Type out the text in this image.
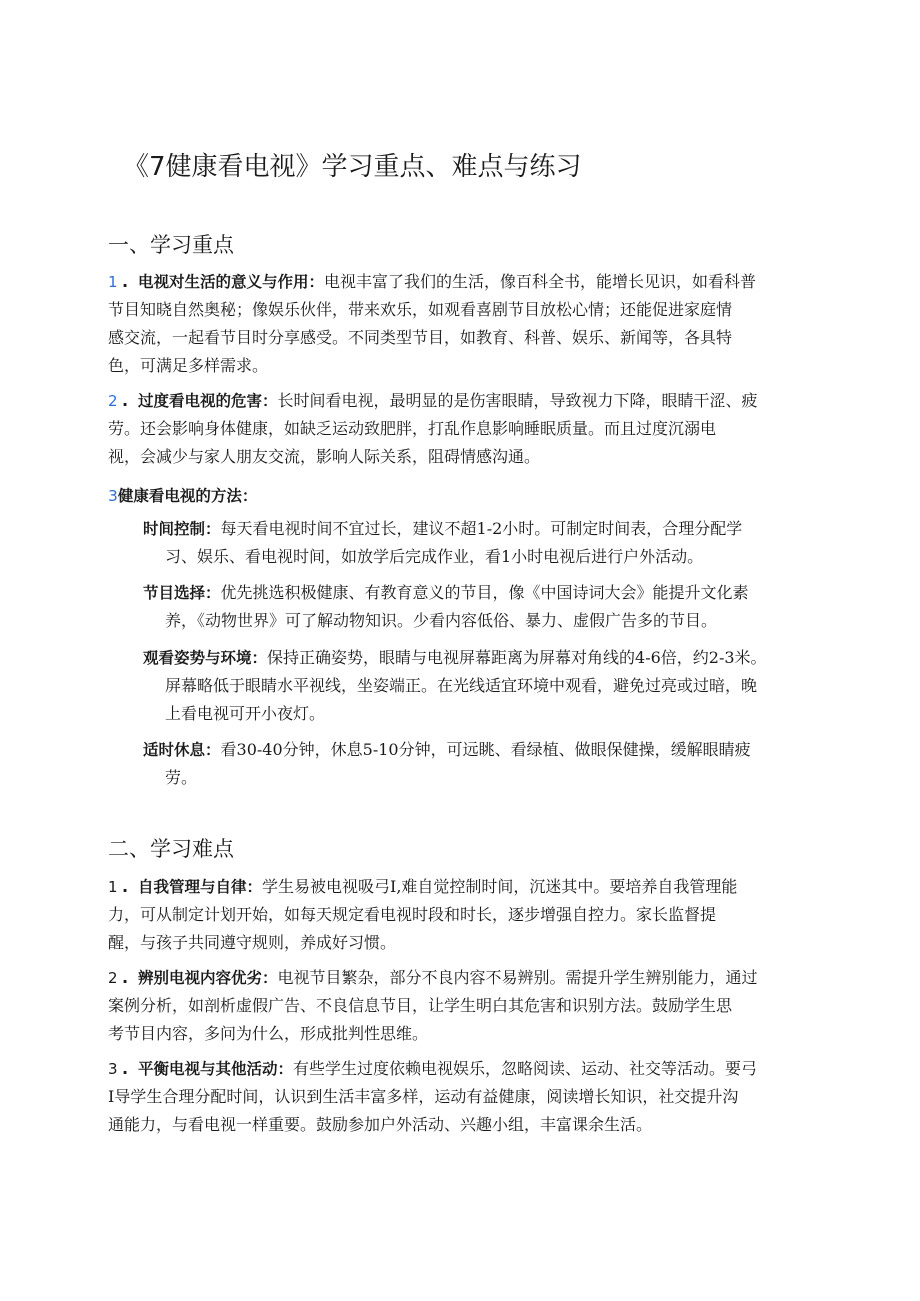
《7健康看电视》学习重点、难点与练习
一、学习重点
1 . 电视对生活的意义与作用：电视丰富了我们的生活，像百科全书，能增长见识，如看科普
节目知晓自然奥秘；像娱乐伙伴，带来欢乐，如观看喜剧节目放松心情；还能促进家庭情
感交流，一起看节目时分享感受。不同类型节目，如教育、科普、娱乐、新闻等，各具特
色，可满足多样需求。
2 . 过度看电视的危害：长时间看电视，最明显的是伤害眼睛，导致视力下降，眼睛干涩、疲
劳。还会影响身体健康，如缺乏运动致肥胖，打乱作息影响睡眠质量。而且过度沉溺电
视，会减少与家人朋友交流，影响人际关系，阻碍情感沟通。
3健康看电视的方法：
时间控制：每天看电视时间不宜过长，建议不超1-2小时。可制定时间表，合理分配学
习、娱乐、看电视时间，如放学后完成作业，看1小时电视后进行户外活动。
节目选择：优先挑选积极健康、有教育意义的节目，像《中国诗词大会》能提升文化素
养，《动物世界》可了解动物知识。少看内容低俗、暴力、虚假广告多的节目。
观看姿势与环境：保持正确姿势，眼睛与电视屏幕距离为屏幕对角线的4-6倍，约2-3米。
屏幕略低于眼睛水平视线，坐姿端正。在光线适宜环境中观看，避免过亮或过暗，晚
上看电视可开小夜灯。
适时休息：看30-40分钟，休息5-10分钟，可远眺、看绿植、做眼保健操，缓解眼睛疲
劳。
二、学习难点
1 . 自我管理与自律：学生易被电视吸弓I,难自觉控制时间，沉迷其中。要培养自我管理能
力，可从制定计划开始，如每天规定看电视时段和时长，逐步增强自控力。家长监督提
醒，与孩子共同遵守规则，养成好习惯。
2 . 辨别电视内容优劣：电视节目繁杂，部分不良内容不易辨别。需提升学生辨别能力，通过
案例分析，如剖析虚假广告、不良信息节目，让学生明白其危害和识别方法。鼓励学生思
考节目内容，多问为什么，形成批判性思维。
3 . 平衡电视与其他活动：有些学生过度依赖电视娱乐，忽略阅读、运动、社交等活动。要弓
I导学生合理分配时间，认识到生活丰富多样，运动有益健康，阅读增长知识，社交提升沟
通能力，与看电视一样重要。鼓励参加户外活动、兴趣小组，丰富课余生活。
